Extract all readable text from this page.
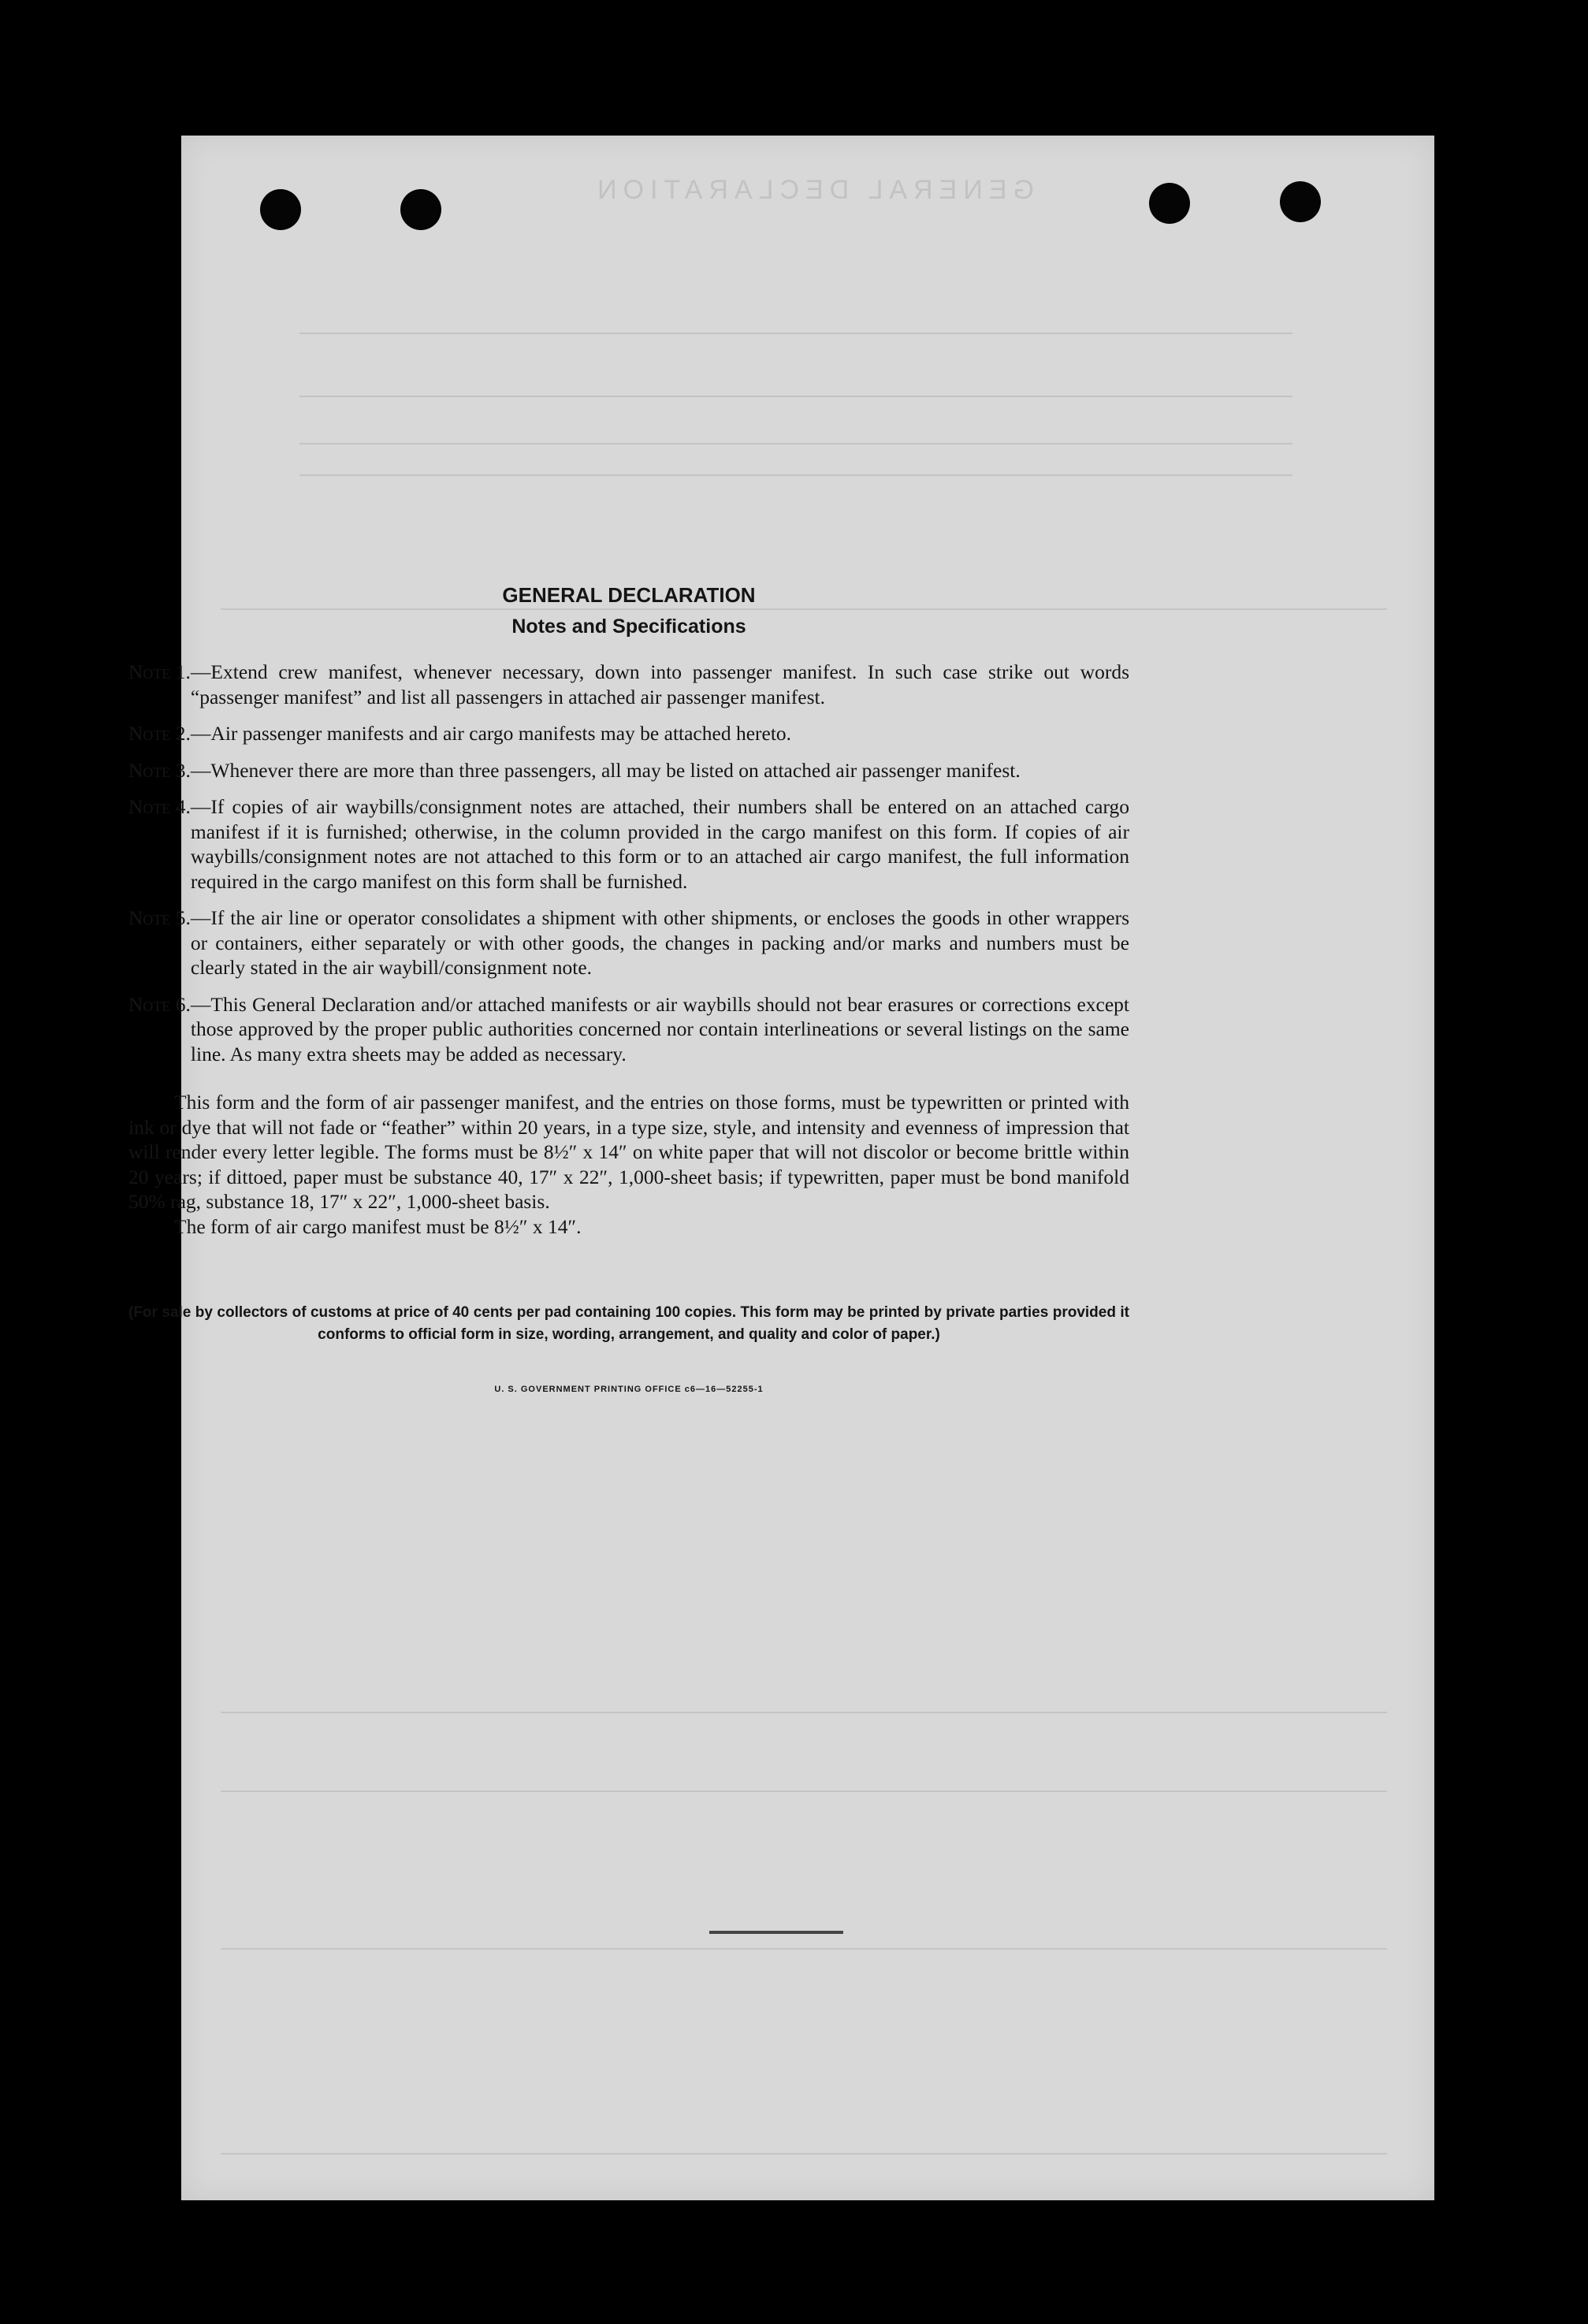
GENERAL DECLARATION
GENERAL DECLARATION
Notes and Specifications
Note 1. —Extend crew manifest, whenever necessary, down into passenger manifest. In such case strike out words “passenger manifest” and list all passengers in attached air passenger manifest.
Note 2. —Air passenger manifests and air cargo manifests may be attached hereto.
Note 3. —Whenever there are more than three passengers, all may be listed on attached air passenger manifest.
Note 4. —If copies of air waybills/consignment notes are attached, their numbers shall be entered on an attached cargo manifest if it is furnished; otherwise, in the column provided in the cargo manifest on this form. If copies of air waybills/consignment notes are not attached to this form or to an attached air cargo manifest, the full information required in the cargo manifest on this form shall be furnished.
Note 5. —If the air line or operator consolidates a shipment with other shipments, or encloses the goods in other wrappers or containers, either separately or with other goods, the changes in packing and/or marks and numbers must be clearly stated in the air waybill/consignment note.
Note 6. —This General Declaration and/or attached manifests or air waybills should not bear erasures or corrections except those approved by the proper public authorities concerned nor contain interlineations or several listings on the same line. As many extra sheets may be added as necessary.

This form and the form of air passenger manifest, and the entries on those forms, must be typewritten or printed with ink or dye that will not fade or “feather” within 20 years, in a type size, style, and intensity and evenness of impression that will render every letter legible. The forms must be 8½″ x 14″ on white paper that will not discolor or become brittle within 20 years; if dittoed, paper must be substance 40, 17″ x 22″, 1,000-sheet basis; if typewritten, paper must be bond manifold 50% rag, substance 18, 17″ x 22″, 1,000-sheet basis.

The form of air cargo manifest must be 8½″ x 14″.

(For sale by collectors of customs at price of 40 cents per pad containing 100 copies. This form may be printed by private parties provided it conforms to official form in size, wording, arrangement, and quality and color of paper.)
U. S. GOVERNMENT PRINTING OFFICE c6—16—52255-1
